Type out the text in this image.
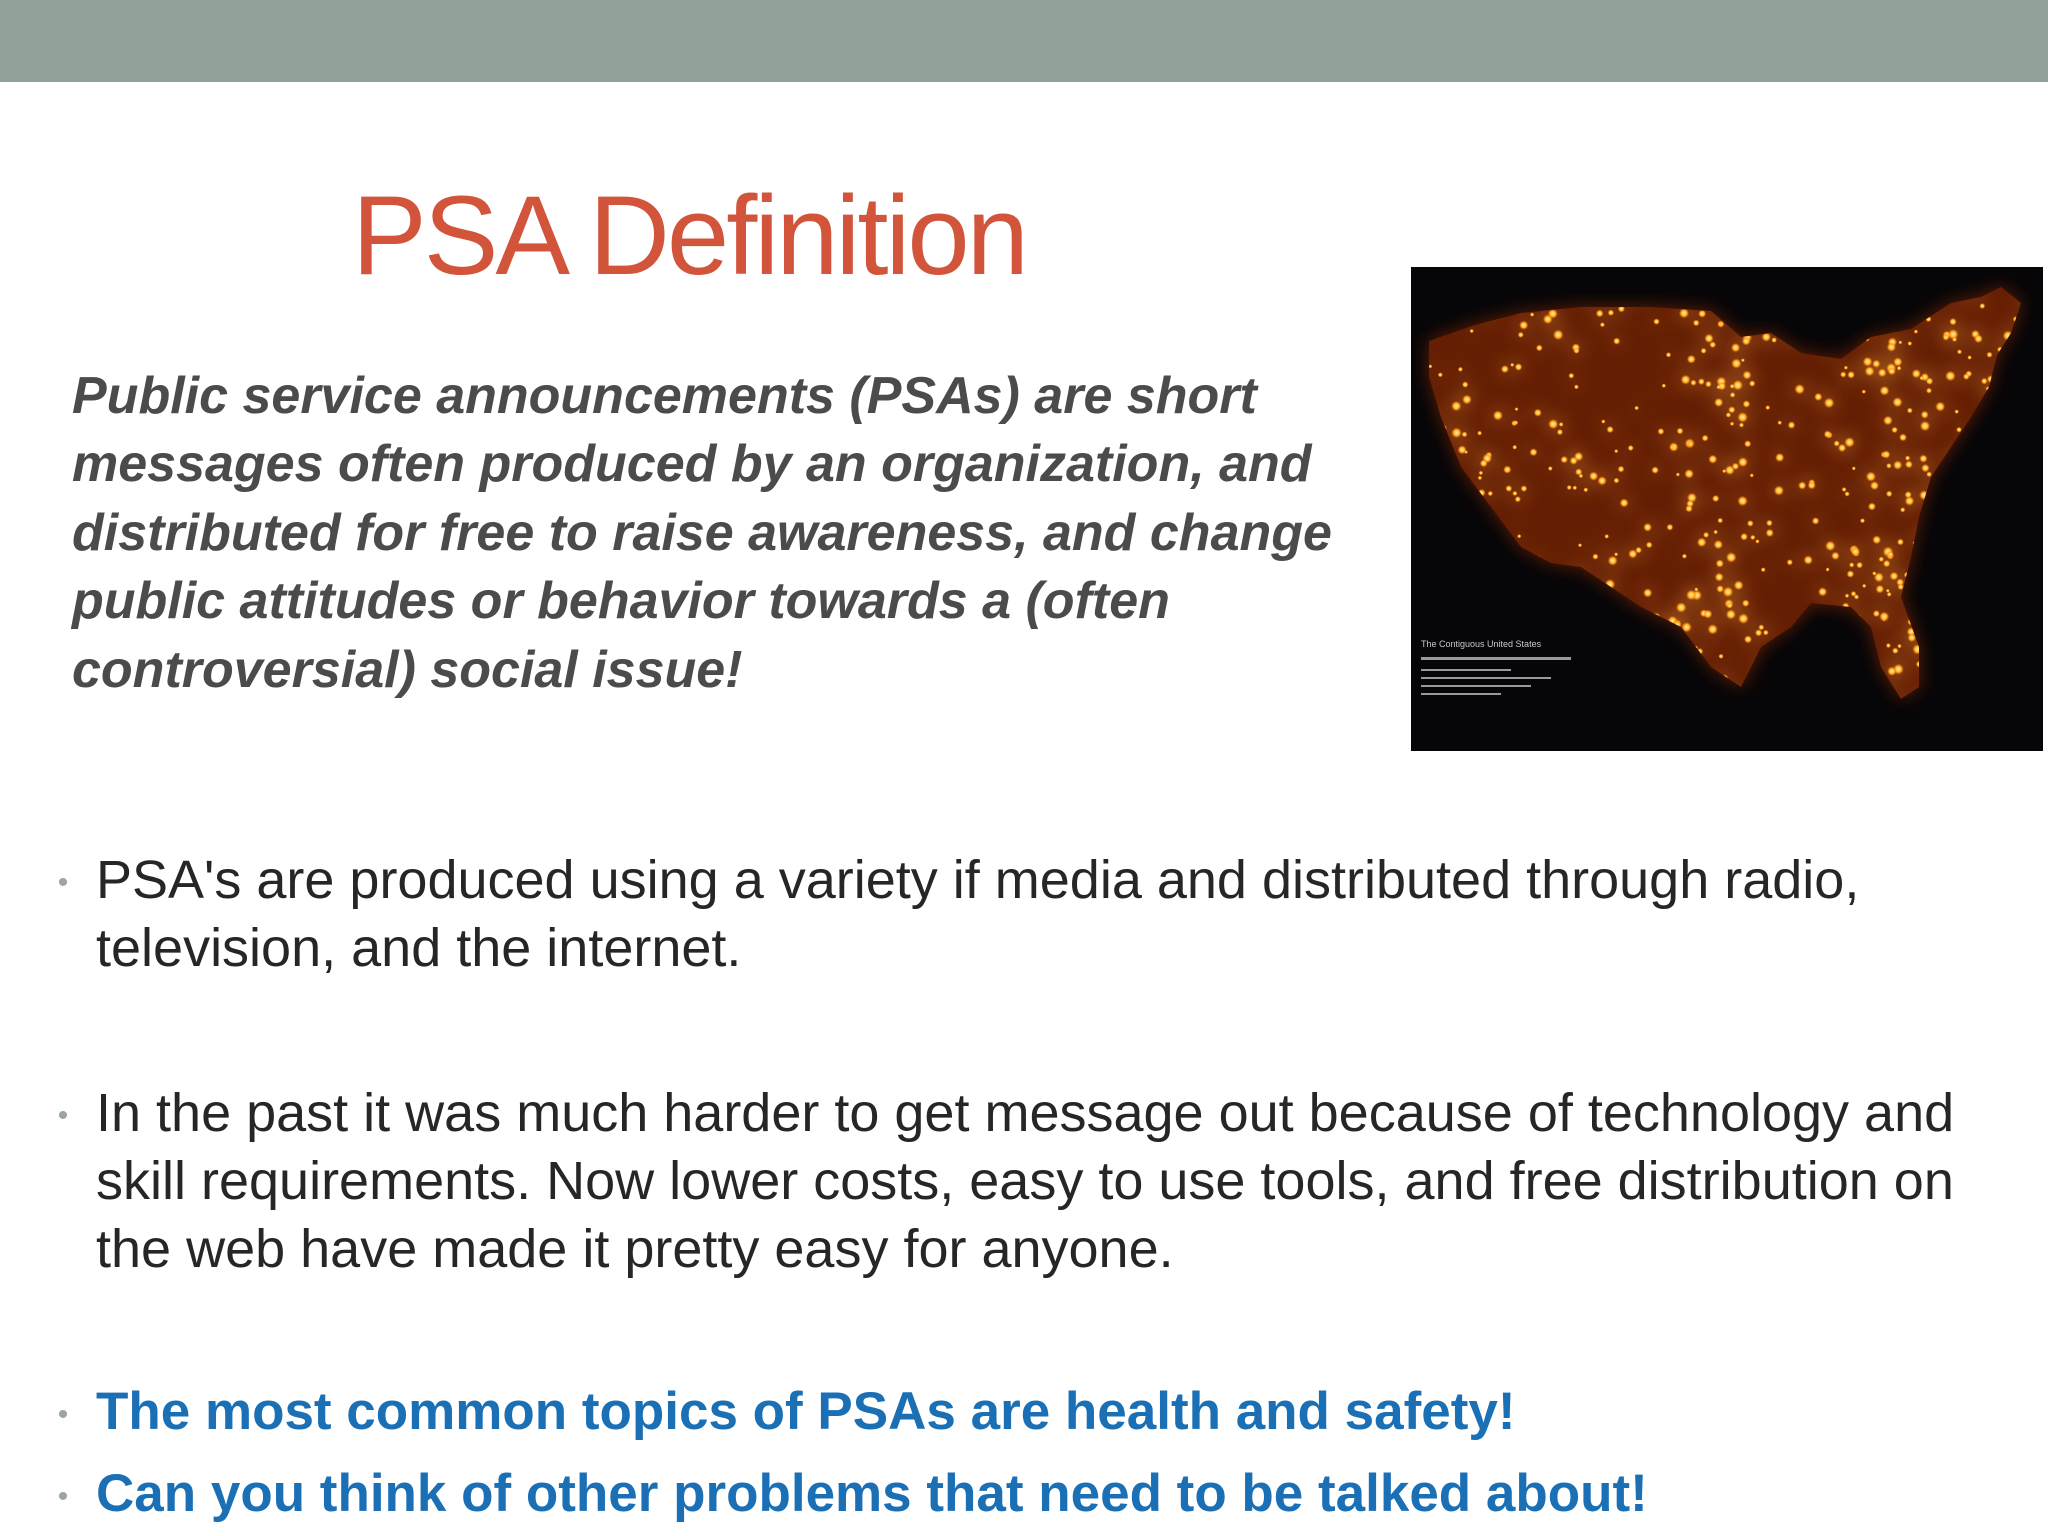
PSA Definition

Public service announcements (PSAs) are short messages often produced by an organization, and distributed for free to raise awareness, and change public attitudes or behavior towards a (often controversial) social issue!	The Contiguous United States
• PSA's are produced using a variety if media and distributed through radio, television, and the internet.
• In the past it was much harder to get message out because of technology and skill requirements. Now lower costs, easy to use tools, and free distribution on the web have made it pretty easy for anyone.
• The most common topics of PSAs are health and safety!
• Can you think of other problems that need to be talked about!
